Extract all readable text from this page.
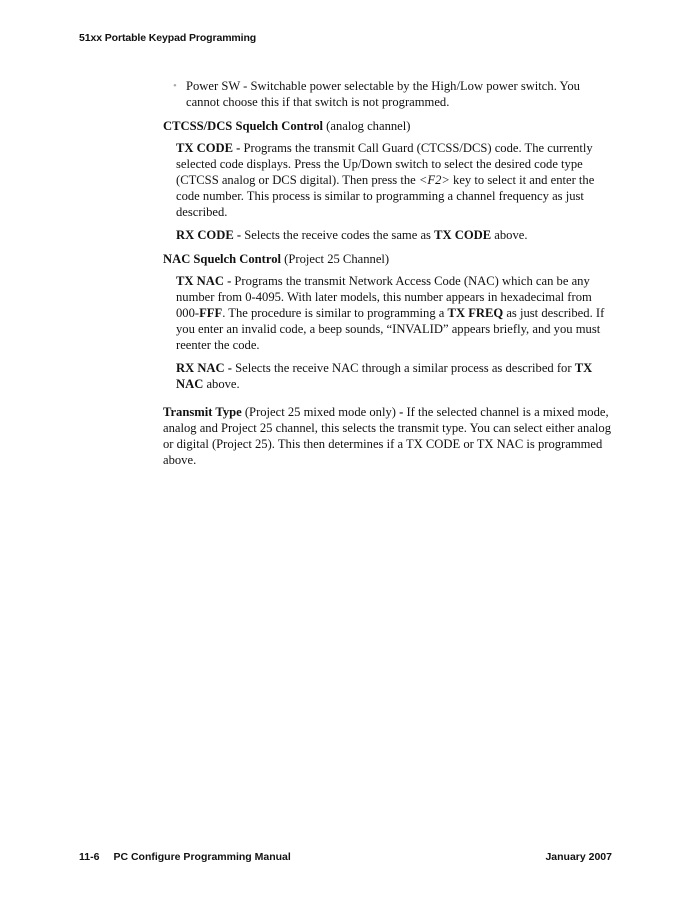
51xx Portable Keypad Programming
• Power SW - Switchable power selectable by the High/Low power switch. You cannot choose this if that switch is not programmed.

CTCSS/DCS Squelch Control (analog channel)

TX CODE - Programs the transmit Call Guard (CTCSS/DCS) code. The currently selected code displays. Press the Up/Down switch to select the desired code type (CTCSS analog or DCS digital). Then press the <F2> key to select it and enter the code number. This process is similar to programming a channel frequency as just described.

RX CODE - Selects the receive codes the same as TX CODE above.

NAC Squelch Control (Project 25 Channel)

TX NAC - Programs the transmit Network Access Code (NAC) which can be any number from 0-4095. With later models, this number appears in hexadecimal from 000-FFF. The procedure is similar to programming a TX FREQ as just described. If you enter an invalid code, a beep sounds, “INVALID” appears briefly, and you must reenter the code.

RX NAC - Selects the receive NAC through a similar process as described for TX NAC above.

Transmit Type (Project 25 mixed mode only) - If the selected channel is a mixed mode, analog and Project 25 channel, this selects the transmit type. You can select either analog or digital (Project 25). This then determines if a TX CODE or TX NAC is programmed above.

11-6 PC Configure Programming Manual	January 2007
